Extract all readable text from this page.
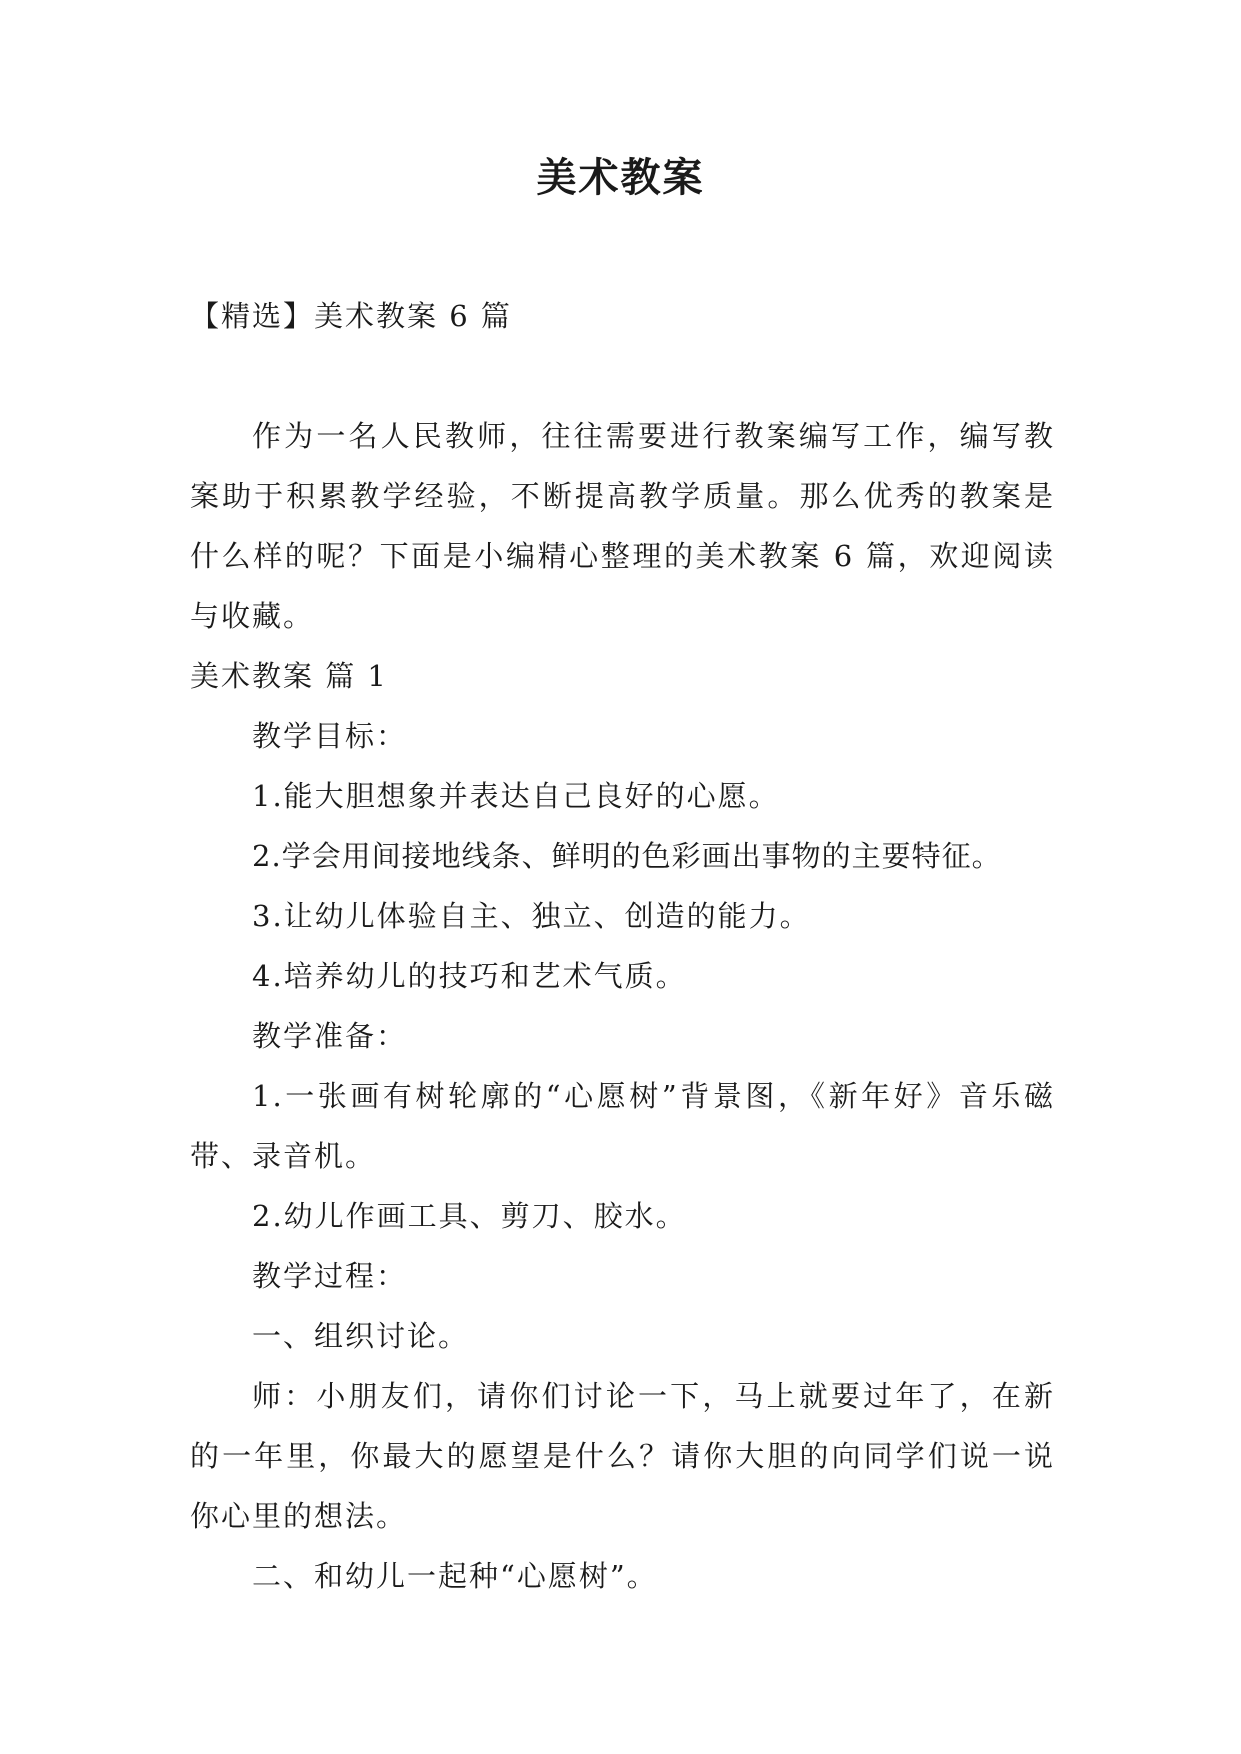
美术教案

【精选】美术教案 6 篇

作为一名人民教师，往往需要进行教案编写工作，编写教案助于积累教学经验，不断提高教学质量。那么优秀的教案是什么样的呢？下面是小编精心整理的美术教案 6 篇，欢迎阅读与收藏。

美术教案 篇 1

教学目标：

1.能大胆想象并表达自己良好的心愿。

2.学会用间接地线条、鲜明的色彩画出事物的主要特征。

3.让幼儿体验自主、独立、创造的能力。

4.培养幼儿的技巧和艺术气质。

教学准备：

1.一张画有树轮廓的“心愿树”背景图，《新年好》音乐磁带、录音机。

2.幼儿作画工具、剪刀、胶水。

教学过程：

一、组织讨论。

师：小朋友们，请你们讨论一下，马上就要过年了，在新的一年里，你最大的愿望是什么？请你大胆的向同学们说一说你心里的想法。

二、和幼儿一起种“心愿树”。
